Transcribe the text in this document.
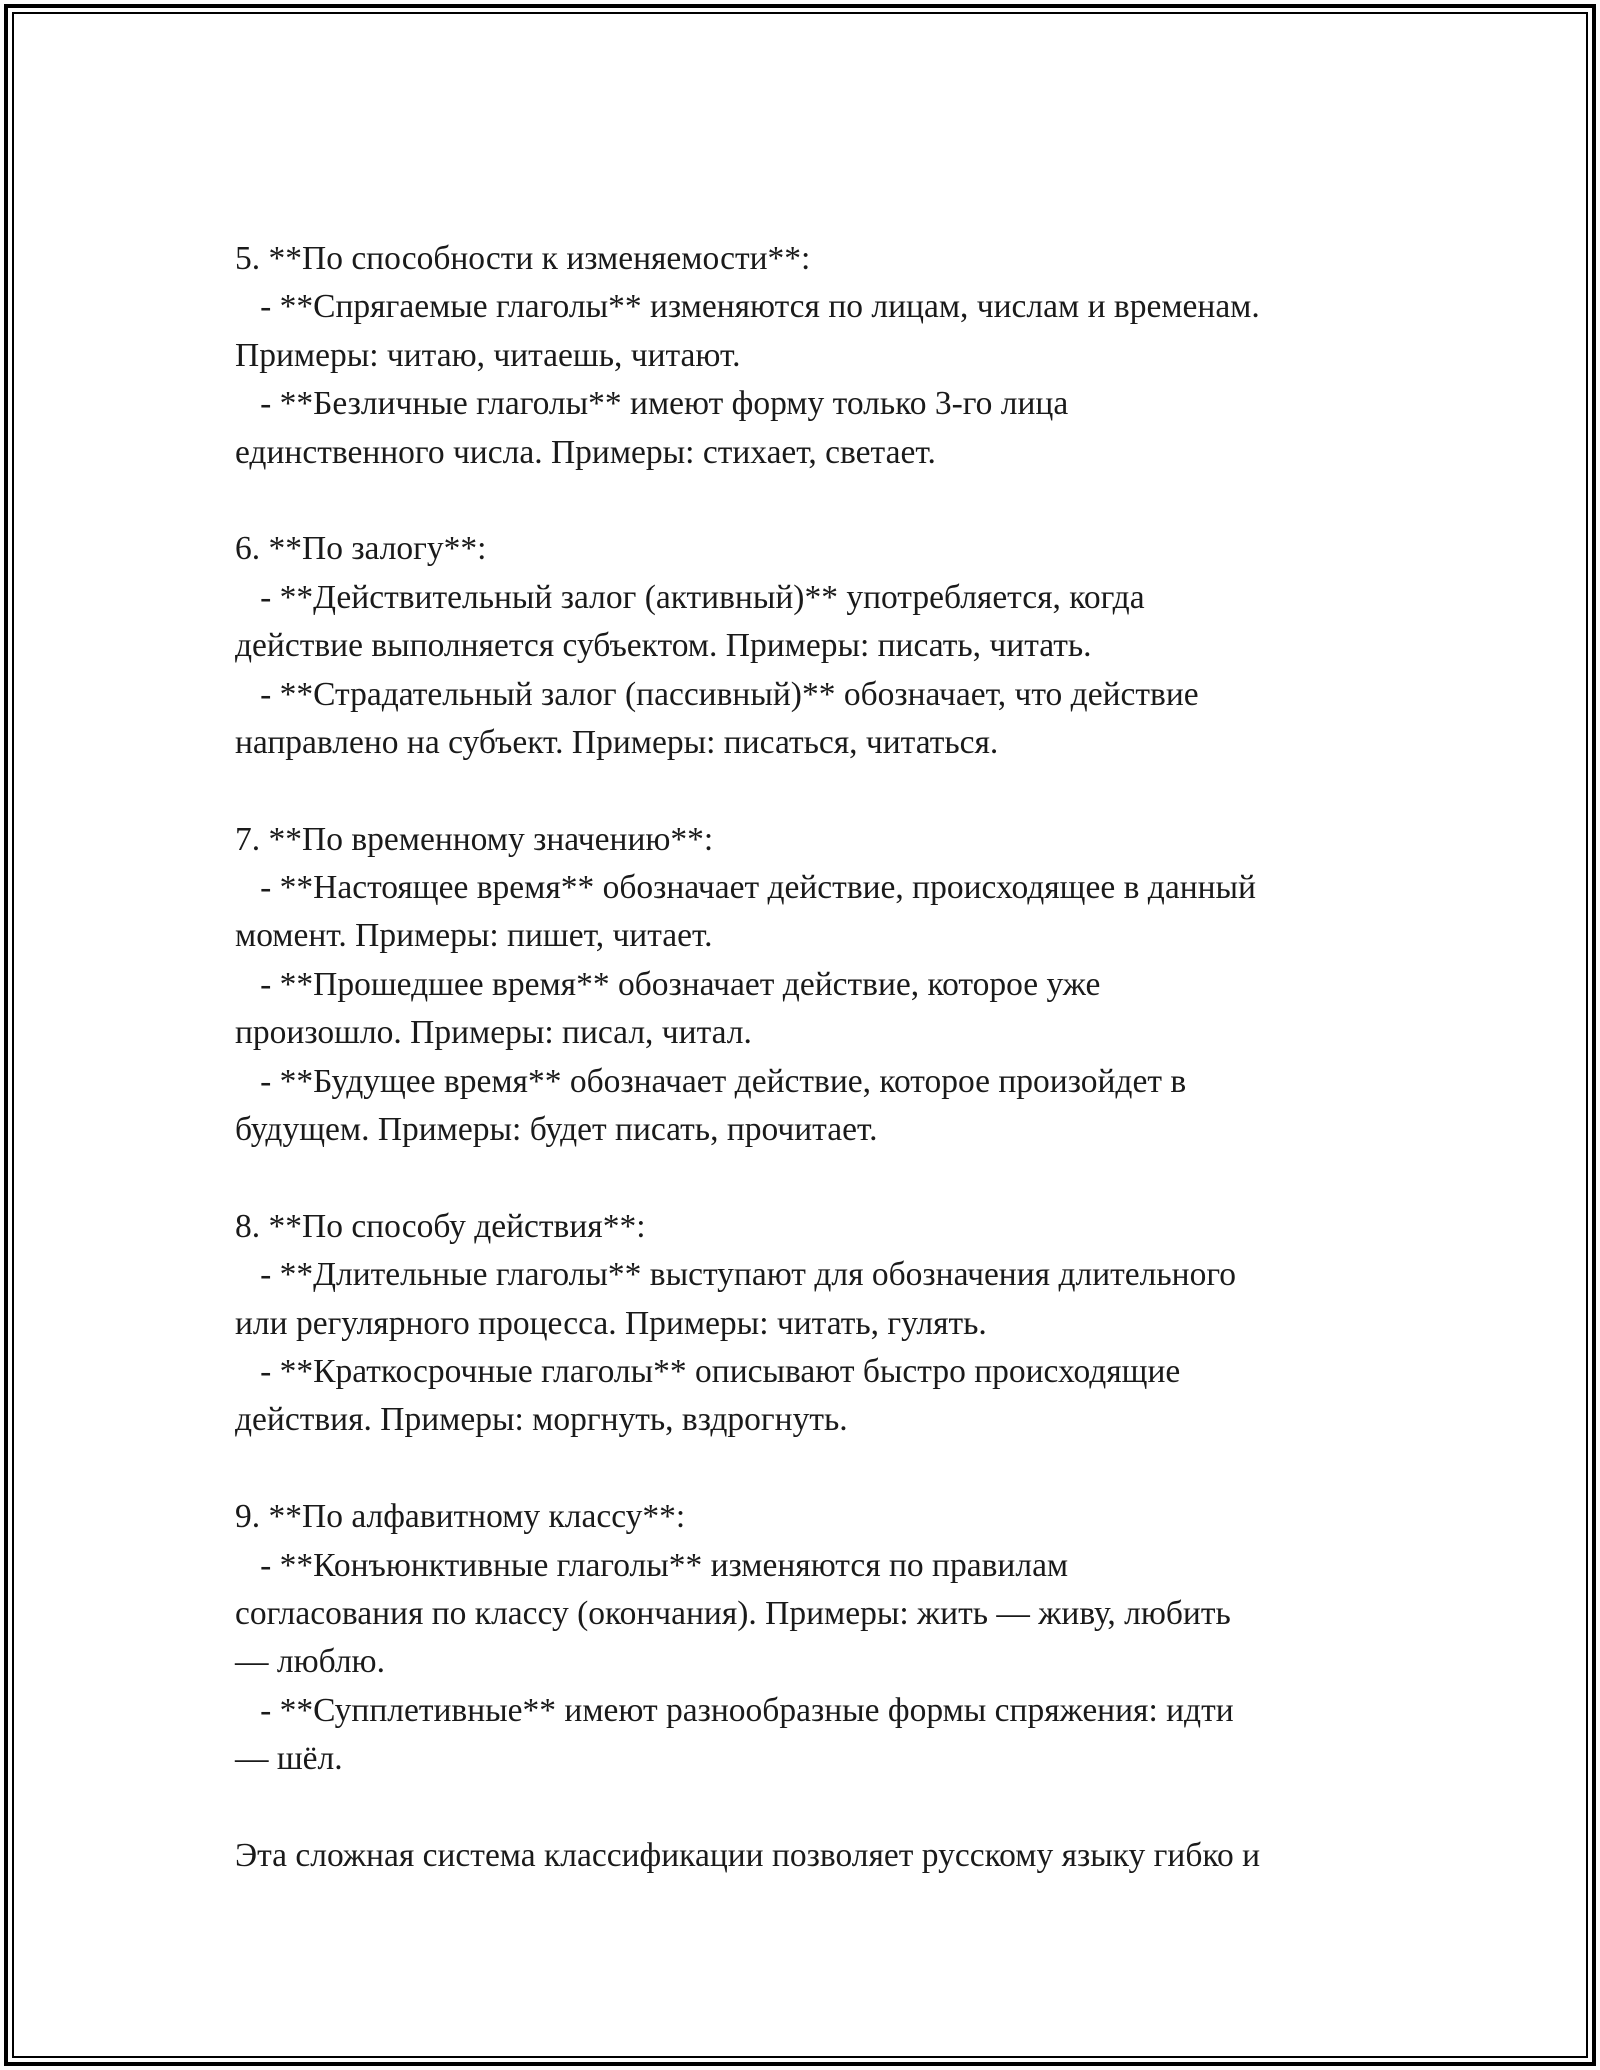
5. **По способности к изменяемости**:
- **Спрягаемые глаголы** изменяются по лицам, числам и временам.
Примеры: читаю, читаешь, читают.
- **Безличные глаголы** имеют форму только 3-го лица
единственного числа. Примеры: стихает, светает.
6. **По залогу**:
- **Действительный залог (активный)** употребляется, когда
действие выполняется субъектом. Примеры: писать, читать.
- **Страдательный залог (пассивный)** обозначает, что действие
направлено на субъект. Примеры: писаться, читаться.
7. **По временному значению**:
- **Настоящее время** обозначает действие, происходящее в данный
момент. Примеры: пишет, читает.
- **Прошедшее время** обозначает действие, которое уже
произошло. Примеры: писал, читал.
- **Будущее время** обозначает действие, которое произойдет в
будущем. Примеры: будет писать, прочитает.
8. **По способу действия**:
- **Длительные глаголы** выступают для обозначения длительного
или регулярного процесса. Примеры: читать, гулять.
- **Краткосрочные глаголы** описывают быстро происходящие
действия. Примеры: моргнуть, вздрогнуть.
9. **По алфавитному классу**:
- **Конъюнктивные глаголы** изменяются по правилам
согласования по классу (окончания). Примеры: жить — живу, любить
— люблю.
- **Супплетивные** имеют разнообразные формы спряжения: идти
— шёл.
Эта сложная система классификации позволяет русскому языку гибко и
